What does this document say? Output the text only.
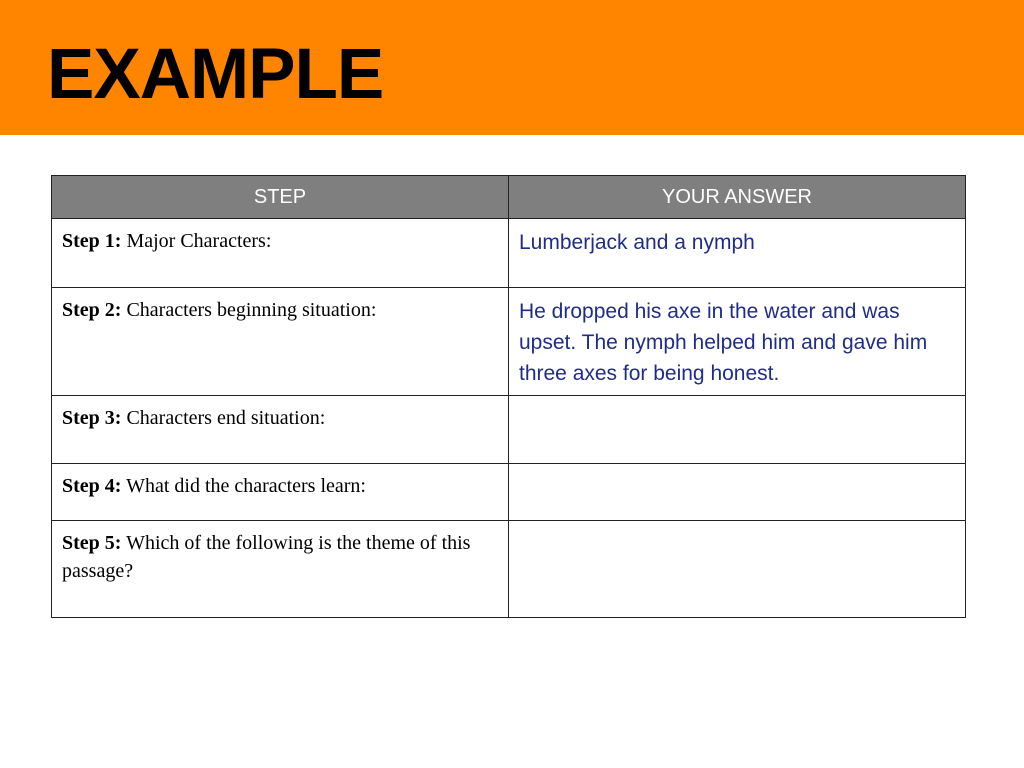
EXAMPLE
STEP	YOUR ANSWER
Step 1: Major Characters:	Lumberjack and a nymph
Step 2: Characters beginning situation:	He dropped his axe in the water and was upset. The nymph helped him and gave him three axes for being honest.
Step 3: Characters end situation:	
Step 4: What did the characters learn:	
Step 5: Which of the following is the theme of this passage?	
